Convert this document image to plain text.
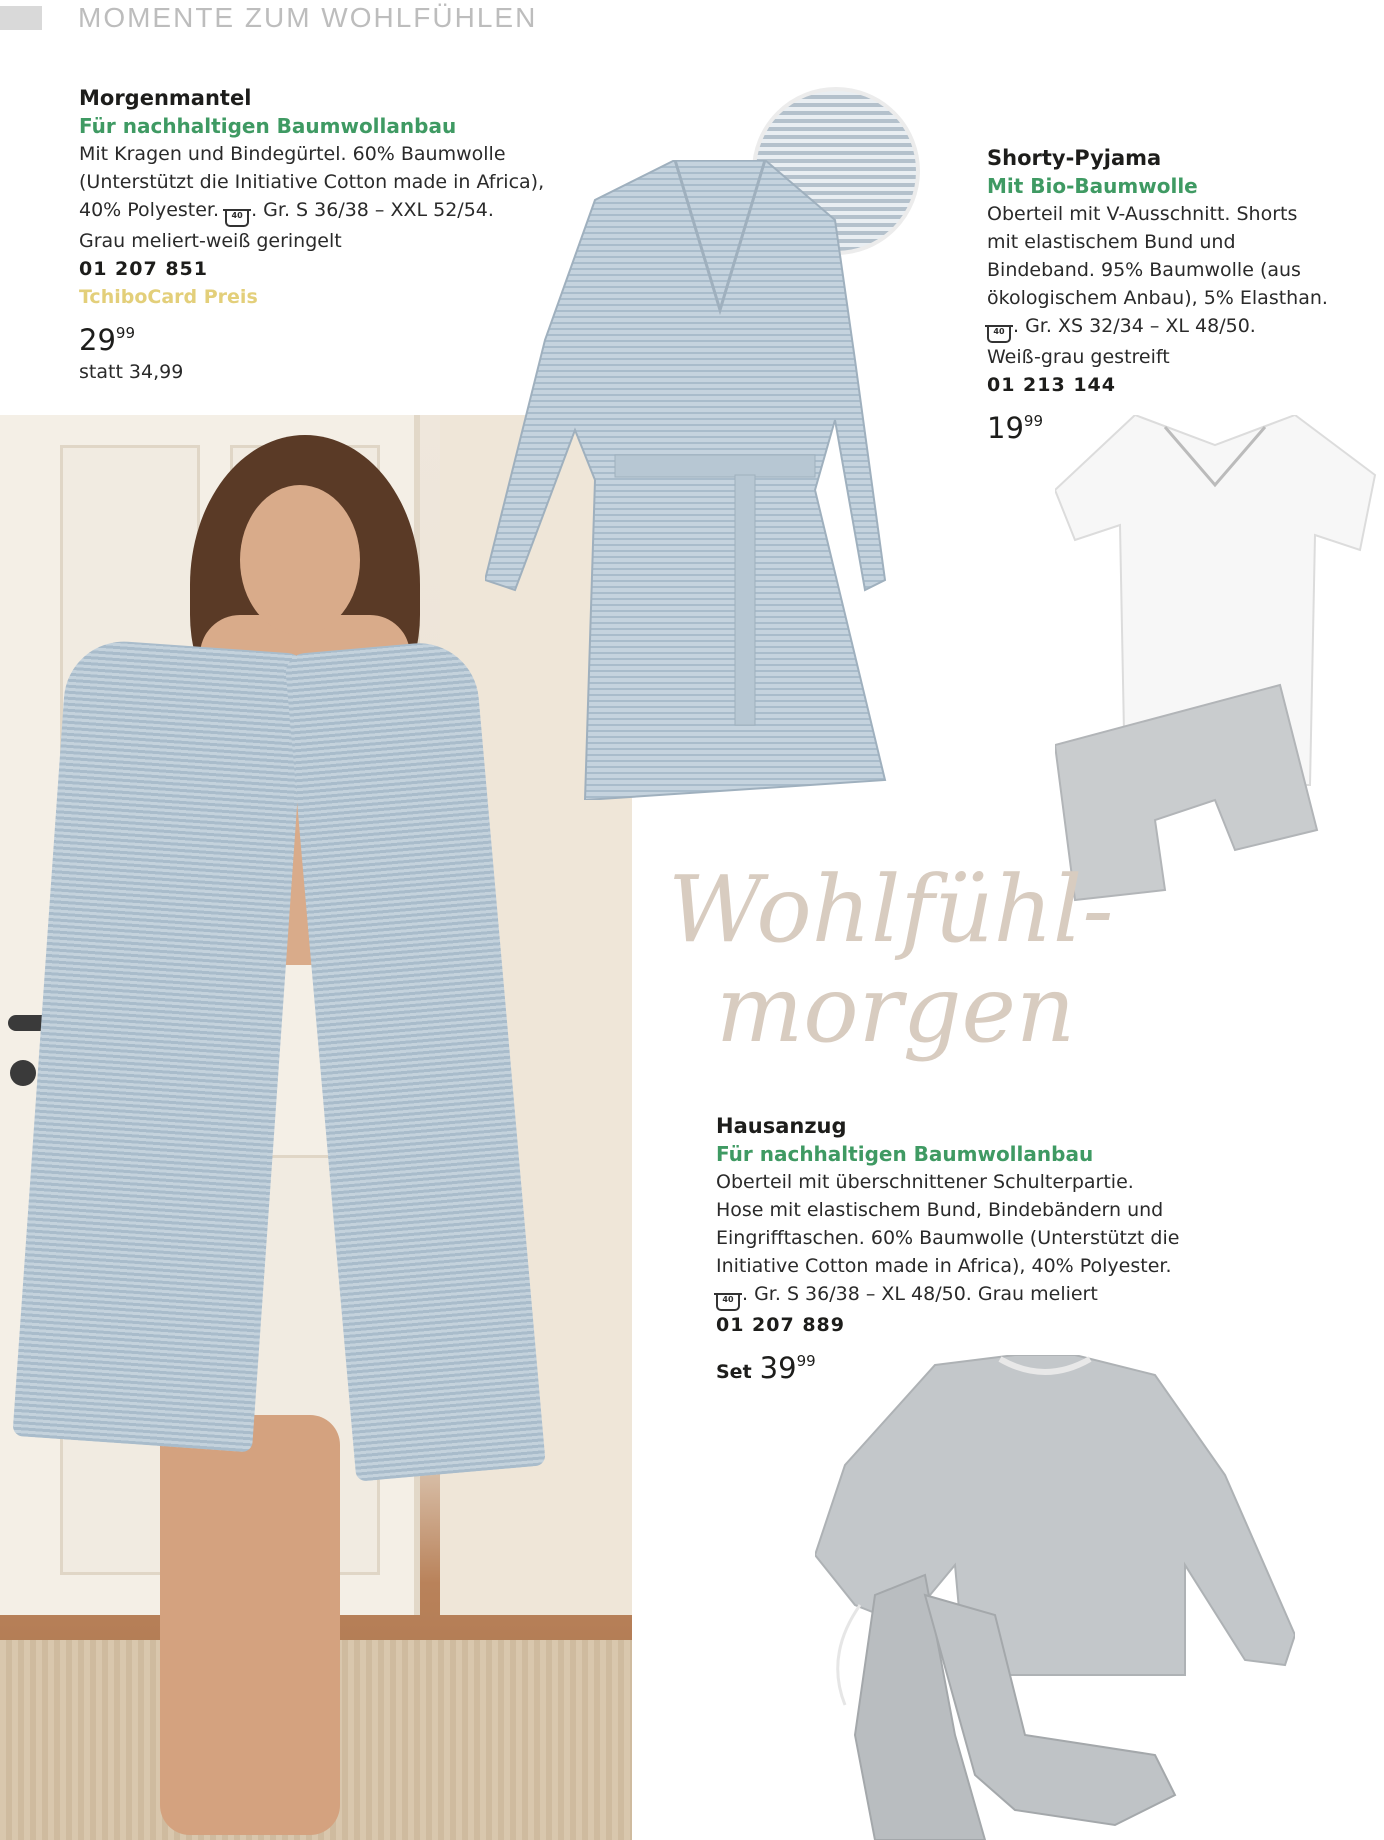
MOMENTE ZUM WOHLFÜHLEN
Morgenmantel
Für nachhaltigen Baumwollanbau
Mit Kragen und Bindegürtel. 60% Baumwolle
(Unterstützt die Initiative Cotton made in Africa),
40% Polyester. 40 . Gr. S 36/38 – XXL 52/54.
Grau meliert-weiß geringelt
01 207 851
TchiboCard Preis
$29^{99}$
statt 34,99
Shorty-Pyjama
Mit Bio-Baumwolle
Oberteil mit V-Ausschnitt. Shorts
mit elastischem Bund und
Bindeband. 95% Baumwolle (aus
ökologischem Anbau), 5% Elasthan.
40 . Gr. XS 32/34 – XL 48/50.
Weiß-grau gestreift
01 213 144
$19^{99}$
Wohlfühl-
morgen
Hausanzug
Für nachhaltigen Baumwollanbau
Oberteil mit überschnittener Schulterpartie.
Hose mit elastischem Bund, Bindebändern und
Eingrifftaschen. 60% Baumwolle (Unterstützt die
Initiative Cotton made in Africa), 40% Polyester.
40 . Gr. S 36/38 – XL 48/50. Grau meliert
01 207 889
Set $39^{99}$
